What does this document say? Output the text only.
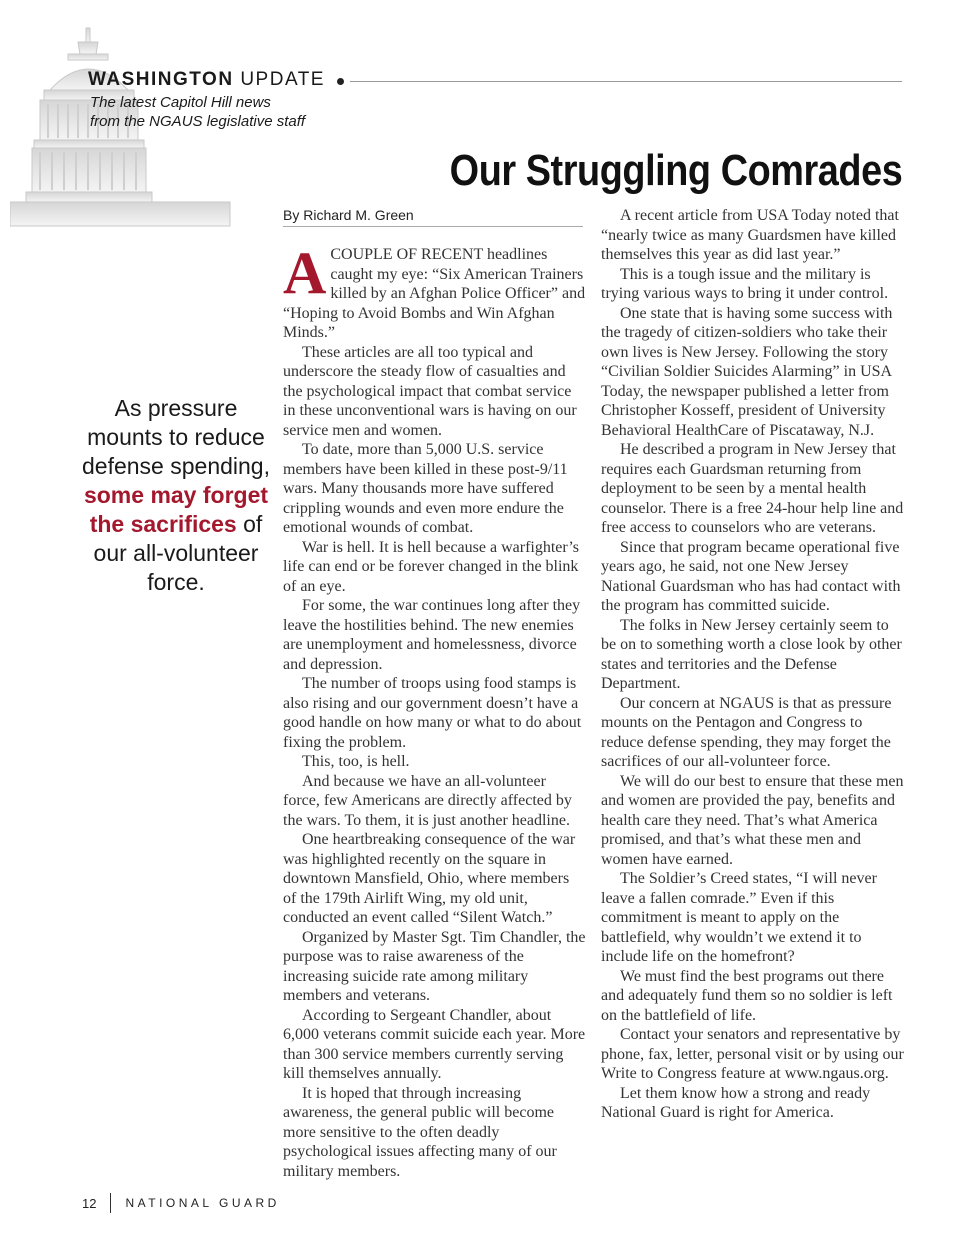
WASHINGTON UPDATE
The latest Capitol Hill news
from the NGAUS legislative staff
Our Struggling Comrades
By Richard M. Green

ACOUPLE OF RECENT headlines caught my eye: “Six American Trainers killed by an Afghan Police Officer” and “Hoping to Avoid Bombs and Win Afghan Minds.”

These articles are all too typical and underscore the steady flow of casualties and the psychological impact that combat service in these unconventional wars is having on our service men and women.

To date, more than 5,000 U.S. service members have been killed in these post-9/11 wars. Many thousands more have suffered crippling wounds and even more endure the emotional wounds of combat.

War is hell. It is hell because a warfighter’s life can end or be forever changed in the blink of an eye.

For some, the war continues long after they leave the hostilities behind. The new enemies are unemployment and homelessness, divorce and depression.

The number of troops using food stamps is also rising and our government doesn’t have a good handle on how many or what to do about fixing the problem.

This, too, is hell.

And because we have an all-volunteer force, few Americans are directly affected by the wars. To them, it is just another headline.

One heartbreaking consequence of the war was highlighted recently on the square in downtown Mansfield, Ohio, where members of the 179th Airlift Wing, my old unit, conducted an event called “Silent Watch.”

Organized by Master Sgt. Tim Chandler, the purpose was to raise awareness of the increasing suicide rate among military members and veterans.

According to Sergeant Chandler, about 6,000 veterans commit suicide each year. More than 300 service members currently serving kill themselves annually.

It is hoped that through increasing awareness, the general public will become more sensitive to the often deadly psychological issues affecting many of our military members.

A recent article from USA Today noted that “nearly twice as many Guardsmen have killed themselves this year as did last year.”

This is a tough issue and the military is trying various ways to bring it under control.

One state that is having some success with the tragedy of citizen-soldiers who take their own lives is New Jersey. Following the story “Civilian Soldier Suicides Alarming” in USA Today, the newspaper published a letter from Christopher Kosseff, president of University Behavioral HealthCare of Piscataway, N.J.

He described a program in New Jersey that requires each Guardsman returning from deployment to be seen by a mental health counselor. There is a free 24-hour help line and free access to counselors who are veterans.

Since that program became operational five years ago, he said, not one New Jersey National Guardsman who has had contact with the program has committed suicide.

The folks in New Jersey certainly seem to be on to something worth a close look by other states and territories and the Defense Department.

Our concern at NGAUS is that as pressure mounts on the Pentagon and Congress to reduce defense spending, they may forget the sacrifices of our all-volunteer force.

We will do our best to ensure that these men and women are provided the pay, benefits and health care they need. That’s what America promised, and that’s what these men and women have earned.

The Soldier’s Creed states, “I will never leave a fallen comrade.” Even if this commitment is meant to apply on the battlefield, why wouldn’t we extend it to include life on the homefront?

We must find the best programs out there and adequately fund them so no soldier is left on the battlefield of life.

Contact your senators and representative by phone, fax, letter, personal visit or by using our Write to Congress feature at www.ngaus.org.

Let them know how a strong and ready National Guard is right for America.

As pressure mounts to reduce defense spending, some may forget the sacrifices of our all-volunteer force.
12 NATIONAL GUARD
